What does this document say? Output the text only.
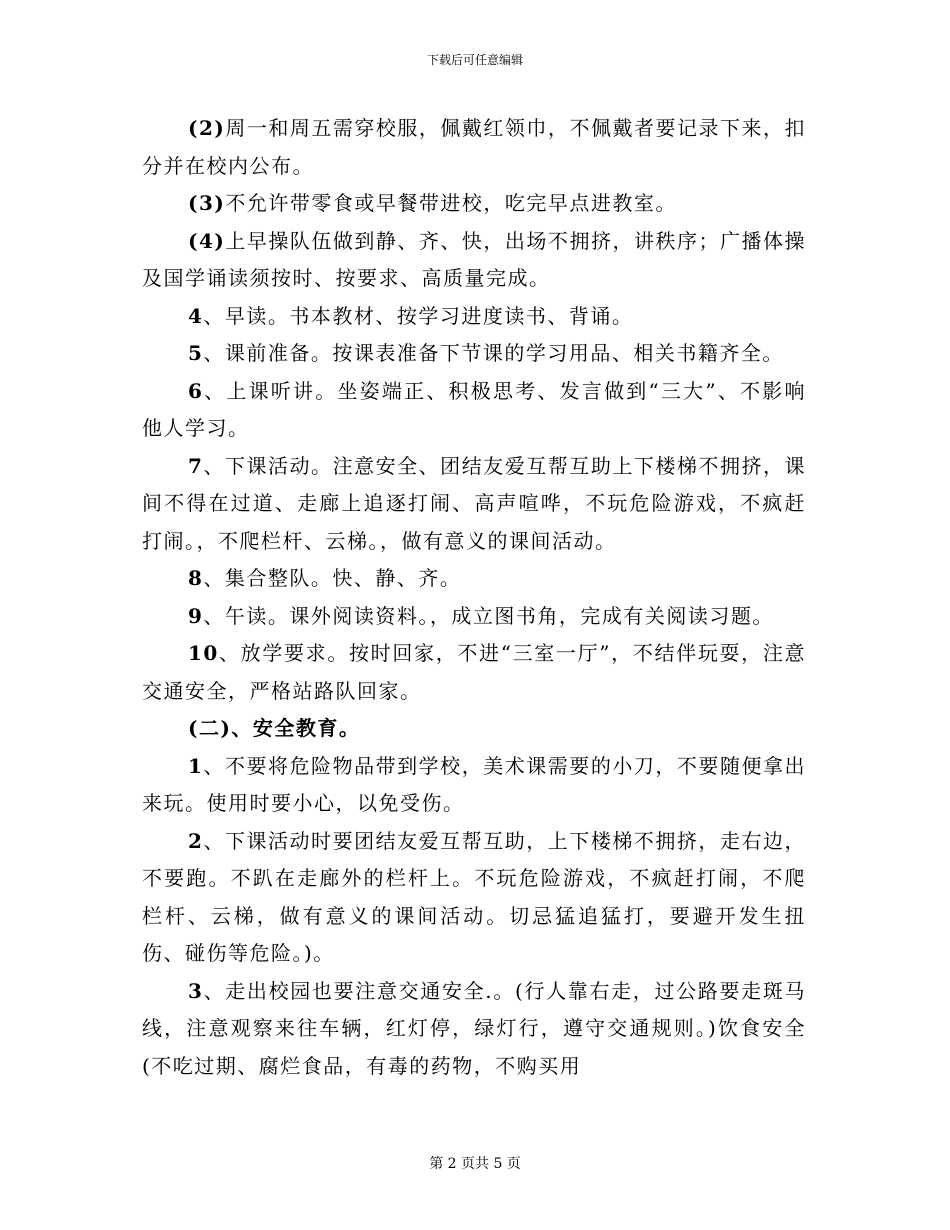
下载后可任意编辑

(2)周一和周五需穿校服，佩戴红领巾，不佩戴者要记录下来，扣分并在校内公布。

(3)不允许带零食或早餐带进校，吃完早点进教室。

(4)上早操队伍做到静、齐、快，出场不拥挤，讲秩序；广播体操及国学诵读须按时、按要求、高质量完成。

4、早读。书本教材、按学习进度读书、背诵。

5、课前准备。按课表准备下节课的学习用品、相关书籍齐全。

6、上课听讲。坐姿端正、积极思考、发言做到“三大”、不影响他人学习。

7、下课活动。注意安全、团结友爱互帮互助上下楼梯不拥挤，课间不得在过道、走廊上追逐打闹、高声喧哗，不玩危险游戏，不疯赶打闹。，不爬栏杆、云梯。，做有意义的课间活动。

8、集合整队。快、静、齐。

9、午读。课外阅读资料。，成立图书角，完成有关阅读习题。

10、放学要求。按时回家，不进“三室一厅”，不结伴玩耍，注意交通安全，严格站路队回家。

(二)、安全教育。

1、不要将危险物品带到学校，美术课需要的小刀，不要随便拿出来玩。使用时要小心，以免受伤。

2、下课活动时要团结友爱互帮互助，上下楼梯不拥挤，走右边，不要跑。不趴在走廊外的栏杆上。不玩危险游戏，不疯赶打闹，不爬栏杆、云梯，做有意义的课间活动。切忌猛追猛打，要避开发生扭伤、碰伤等危险。)。

3、走出校园也要注意交通安全.。(行人靠右走，过公路要走斑马线，注意观察来往车辆，红灯停，绿灯行，遵守交通规则。)饮食安全(不吃过期、腐烂食品，有毒的药物，不购买用

第 2 页共 5 页
